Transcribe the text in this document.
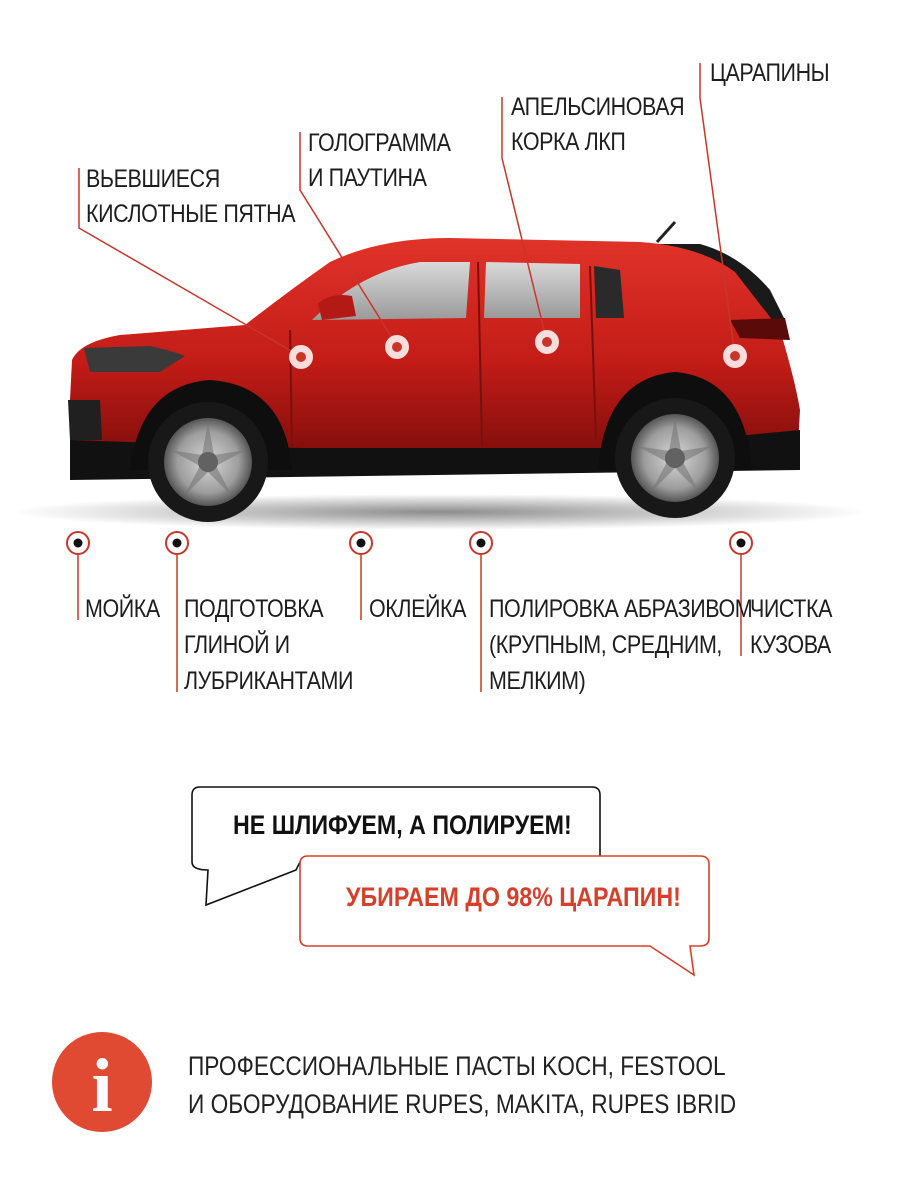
ВЬЕВШИЕСЯ
КИСЛОТНЫЕ ПЯТНА
ГОЛОГРАММА
И ПАУТИНА
АПЕЛЬСИНОВАЯ
КОРКА ЛКП
ЦАРАПИНЫ
МОЙКА ПОДГОТОВКА
ГЛИНОЙ И
ЛУБРИКАНТАМИ
ОКЛЕЙКА ПОЛИРОВКА АБРАЗИВОМ
(КРУПНЫМ, СРЕДНИМ,
МЕЛКИМ)
ЧИСТКА
КУЗОВА
НЕ ШЛИФУЕМ, А ПОЛИРУЕМ!
УБИРАЕМ ДО 98% ЦАРАПИН!
i	ПРОФЕССИОНАЛЬНЫЕ ПАСТЫ KOCH, FESTOOL
И ОБОРУДОВАНИЕ RUPES, MAKITA, RUPES IBRID
